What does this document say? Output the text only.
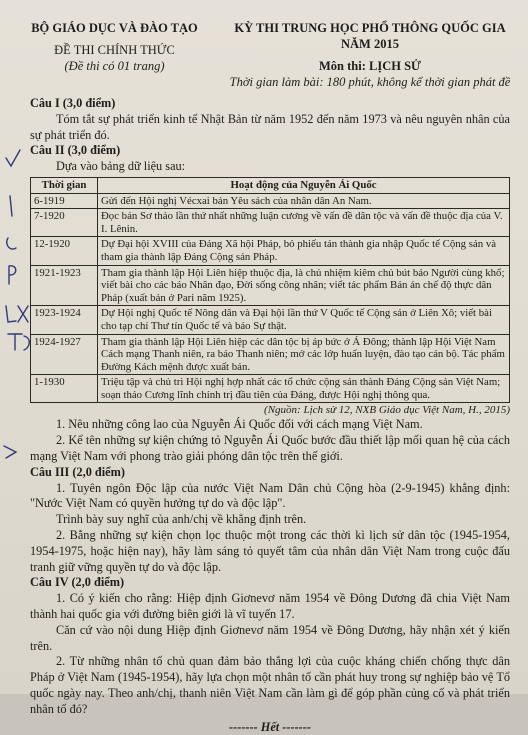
BỘ GIÁO DỤC VÀ ĐÀO TẠO
ĐỀ THI CHÍNH THỨC
(Đề thi có 01 trang)
KỲ THI TRUNG HỌC PHỔ THÔNG QUỐC GIA NĂM 2015
Môn thi: LỊCH SỬ
Thời gian làm bài: 180 phút, không kể thời gian phát đề

Câu I (3,0 điểm)

Tóm tắt sự phát triển kinh tế Nhật Bản từ năm 1952 đến năm 1973 và nêu nguyên nhân của sự phát triển đó.

Câu II (3,0 điểm)

Dựa vào bảng dữ liệu sau:

Thời gian	Hoạt động của Nguyễn Ái Quốc
6-1919	Gửi đến Hội nghị Vécxai bản Yêu sách của nhân dân An Nam.
7-1920	Đọc bản Sơ thảo lần thứ nhất những luận cương về vấn đề dân tộc và vấn đề thuộc địa của V. I. Lênin.
12-1920	Dự Đại hội XVIII của Đảng Xã hội Pháp, bỏ phiếu tán thành gia nhập Quốc tế Cộng sản và tham gia thành lập Đảng Cộng sản Pháp.
1921-1923	Tham gia thành lập Hội Liên hiệp thuộc địa, là chủ nhiệm kiêm chủ bút báo Người cùng khổ; viết bài cho các báo Nhân đạo, Đời sống công nhân; viết tác phẩm Bản án chế độ thực dân Pháp (xuất bản ở Pari năm 1925).
1923-1924	Dự Hội nghị Quốc tế Nông dân và Đại hội lần thứ V Quốc tế Cộng sản ở Liên Xô; viết bài cho tạp chí Thư tín Quốc tế và báo Sự thật.
1924-1927	Tham gia thành lập Hội Liên hiệp các dân tộc bị áp bức ở Á Đông; thành lập Hội Việt Nam Cách mạng Thanh niên, ra báo Thanh niên; mở các lớp huấn luyện, đào tạo cán bộ. Tác phẩm Đường Kách mệnh được xuất bản.
1-1930	Triệu tập và chủ trì Hội nghị hợp nhất các tổ chức cộng sản thành Đảng Cộng sản Việt Nam; soạn thảo Cương lĩnh chính trị đầu tiên của Đảng, được Hội nghị thông qua.

(Nguồn: Lịch sử 12, NXB Giáo dục Việt Nam, H., 2015)

1. Nêu những công lao của Nguyễn Ái Quốc đối với cách mạng Việt Nam.

2. Kể tên những sự kiện chứng tỏ Nguyễn Ái Quốc bước đầu thiết lập mối quan hệ của cách mạng Việt Nam với phong trào giải phóng dân tộc trên thế giới.

Câu III (2,0 điểm)

1. Tuyên ngôn Độc lập của nước Việt Nam Dân chủ Cộng hòa (2-9-1945) khẳng định: "Nước Việt Nam có quyền hưởng tự do và độc lập".

Trình bày suy nghĩ của anh/chị về khẳng định trên.

2. Bằng những sự kiện chọn lọc thuộc một trong các thời kì lịch sử dân tộc (1945-1954, 1954-1975, hoặc hiện nay), hãy làm sáng tỏ quyết tâm của nhân dân Việt Nam trong cuộc đấu tranh giữ vững quyền tự do và độc lập.

Câu IV (2,0 điểm)

1. Có ý kiến cho rằng: Hiệp định Giơnevơ năm 1954 về Đông Dương đã chia Việt Nam thành hai quốc gia với đường biên giới là vĩ tuyến 17.

Căn cứ vào nội dung Hiệp định Giơnevơ năm 1954 về Đông Dương, hãy nhận xét ý kiến trên.

2. Từ những nhân tố chủ quan đảm bảo thắng lợi của cuộc kháng chiến chống thực dân Pháp ở Việt Nam (1945-1954), hãy lựa chọn một nhân tố cần phát huy trong sự nghiệp bảo vệ Tổ quốc ngày nay. Theo anh/chị, thanh niên Việt Nam cần làm gì để góp phần củng cố và phát triển nhân tố đó?

------- Hết -------
